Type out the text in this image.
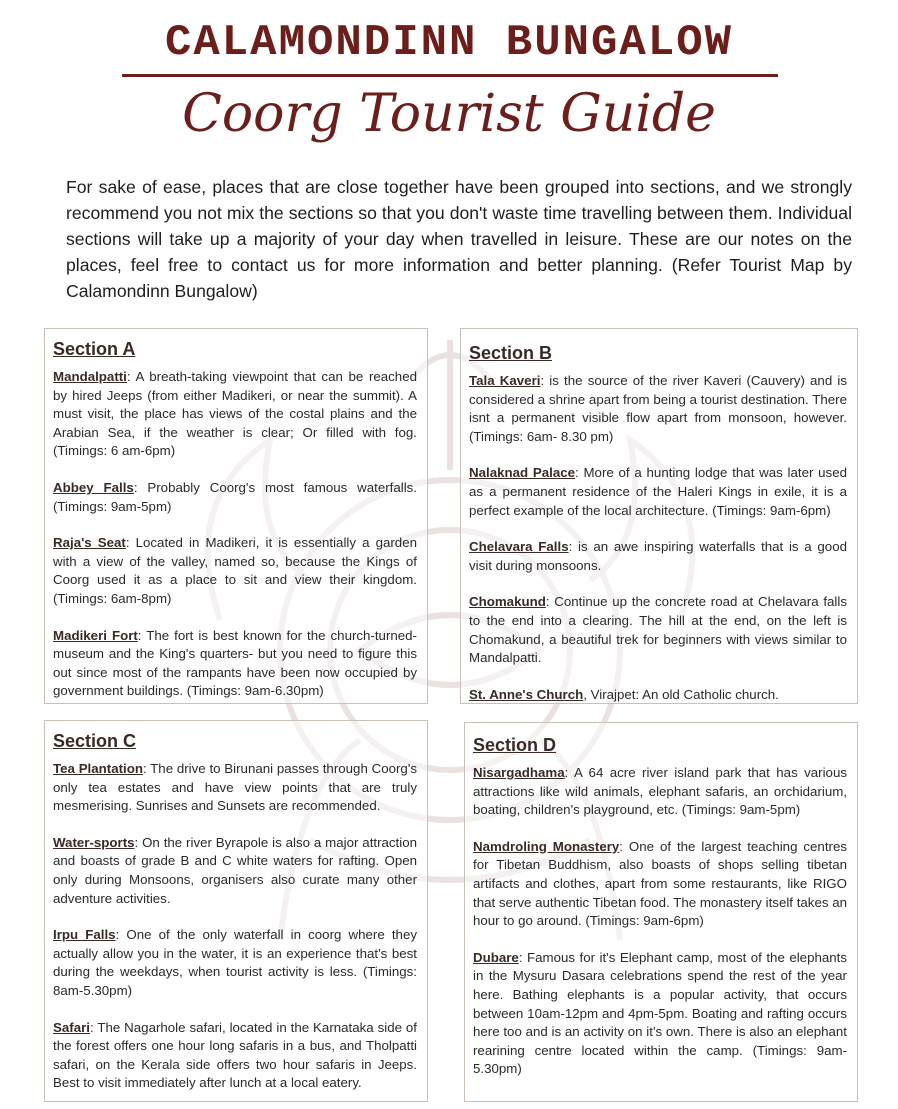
CALAMONDINN BUNGALOW
Coorg Tourist Guide

For sake of ease, places that are close together have been grouped into sections, and we strongly recommend you not mix the sections so that you don't waste time travelling between them. Individual sections will take up a majority of your day when travelled in leisure. These are our notes on the places, feel free to contact us for more information and better planning. (Refer Tourist Map by Calamondinn Bungalow)

Section A

Mandalpatti: A breath-taking viewpoint that can be reached by hired Jeeps (from either Madikeri, or near the summit). A must visit, the place has views of the costal plains and the Arabian Sea, if the weather is clear; Or filled with fog. (Timings: 6 am-6pm)

Abbey Falls: Probably Coorg's most famous waterfalls. (Timings: 9am-5pm)

Raja's Seat: Located in Madikeri, it is essentially a garden with a view of the valley, named so, because the Kings of Coorg used it as a place to sit and view their kingdom. (Timings: 6am-8pm)

Madikeri Fort: The fort is best known for the church-turned-museum and the King's quarters- but you need to figure this out since most of the rampants have been now occupied by government buildings. (Timings: 9am-6.30pm)

Section B

Tala Kaveri: is the source of the river Kaveri (Cauvery) and is considered a shrine apart from being a tourist destination. There isnt a permanent visible flow apart from monsoon, however. (Timings: 6am- 8.30 pm)

Nalaknad Palace: More of a hunting lodge that was later used as a permanent residence of the Haleri Kings in exile, it is a perfect example of the local architecture. (Timings: 9am-6pm)

Chelavara Falls: is an awe inspiring waterfalls that is a good visit during monsoons.

Chomakund: Continue up the concrete road at Chelavara falls to the end into a clearing. The hill at the end, on the left is Chomakund, a beautiful trek for beginners with views similar to Mandalpatti.

St. Anne's Church, Virajpet: An old Catholic church.

Section C

Tea Plantation: The drive to Birunani passes through Coorg's only tea estates and have view points that are truly mesmerising. Sunrises and Sunsets are recommended.

Water-sports: On the river Byrapole is also a major attraction and boasts of grade B and C white waters for rafting. Open only during Monsoons, organisers also curate many other adventure activities.

Irpu Falls: One of the only waterfall in coorg where they actually allow you in the water, it is an experience that's best during the weekdays, when tourist activity is less. (Timings: 8am-5.30pm)

Safari: The Nagarhole safari, located in the Karnataka side of the forest offers one hour long safaris in a bus, and Tholpatti safari, on the Kerala side offers two hour safaris in Jeeps. Best to visit immediately after lunch at a local eatery.

Section D

Nisargadhama: A 64 acre river island park that has various attractions like wild animals, elephant safaris, an orchidarium, boating, children's playground, etc. (Timings: 9am-5pm)

Namdroling Monastery: One of the largest teaching centres for Tibetan Buddhism, also boasts of shops selling tibetan artifacts and clothes, apart from some restaurants, like RIGO that serve authentic Tibetan food. The monastery itself takes an hour to go around. (Timings: 9am-6pm)

Dubare: Famous for it's Elephant camp, most of the elephants in the Mysuru Dasara celebrations spend the rest of the year here. Bathing elephants is a popular activity, that occurs between 10am-12pm and 4pm-5pm. Boating and rafting occurs here too and is an activity on it's own. There is also an elephant rearining centre located within the camp. (Timings: 9am-5.30pm)
